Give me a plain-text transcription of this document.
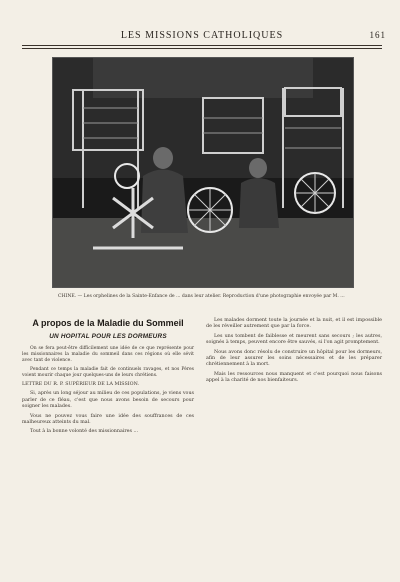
LES MISSIONS CATHOLIQUES	161
CHINE. — Les orphelines de la Sainte-Enfance de ... dans leur atelier. Reproduction d'une photographie envoyée par M. ...
A propos de la Maladie du Sommeil
UN HOPITAL POUR LES DORMEURS

On se fera peut-être difficilement une idée de ce que représente pour les missionnaires la maladie du sommeil dans ces régions où elle sévit avec tant de violence.

Pendant ce temps la maladie fait de continuels ravages, et nos Pères voient mourir chaque jour quelques-uns de leurs chrétiens.

LETTRE DU R. P. SUPÉRIEUR DE LA MISSION.

Si, après un long séjour au milieu de ces populations, je viens vous parler de ce fléau, c'est que nous avons besoin de secours pour soigner les malades.

Vous ne pouvez vous faire une idée des souffrances de ces malheureux atteints du mal.

Tout à la bonne volonté des missionnaires ...

Les malades dorment toute la journée et la nuit, et il est impossible de les réveiller autrement que par la force.

Les uns tombent de faiblesse et meurent sans secours ; les autres, soignés à temps, peuvent encore être sauvés, si l'on agit promptement.

Nous avons donc résolu de construire un hôpital pour les dormeurs, afin de leur assurer les soins nécessaires et de les préparer chrétiennement à la mort.

Mais les ressources nous manquent et c'est pourquoi nous faisons appel à la charité de nos bienfaiteurs.
